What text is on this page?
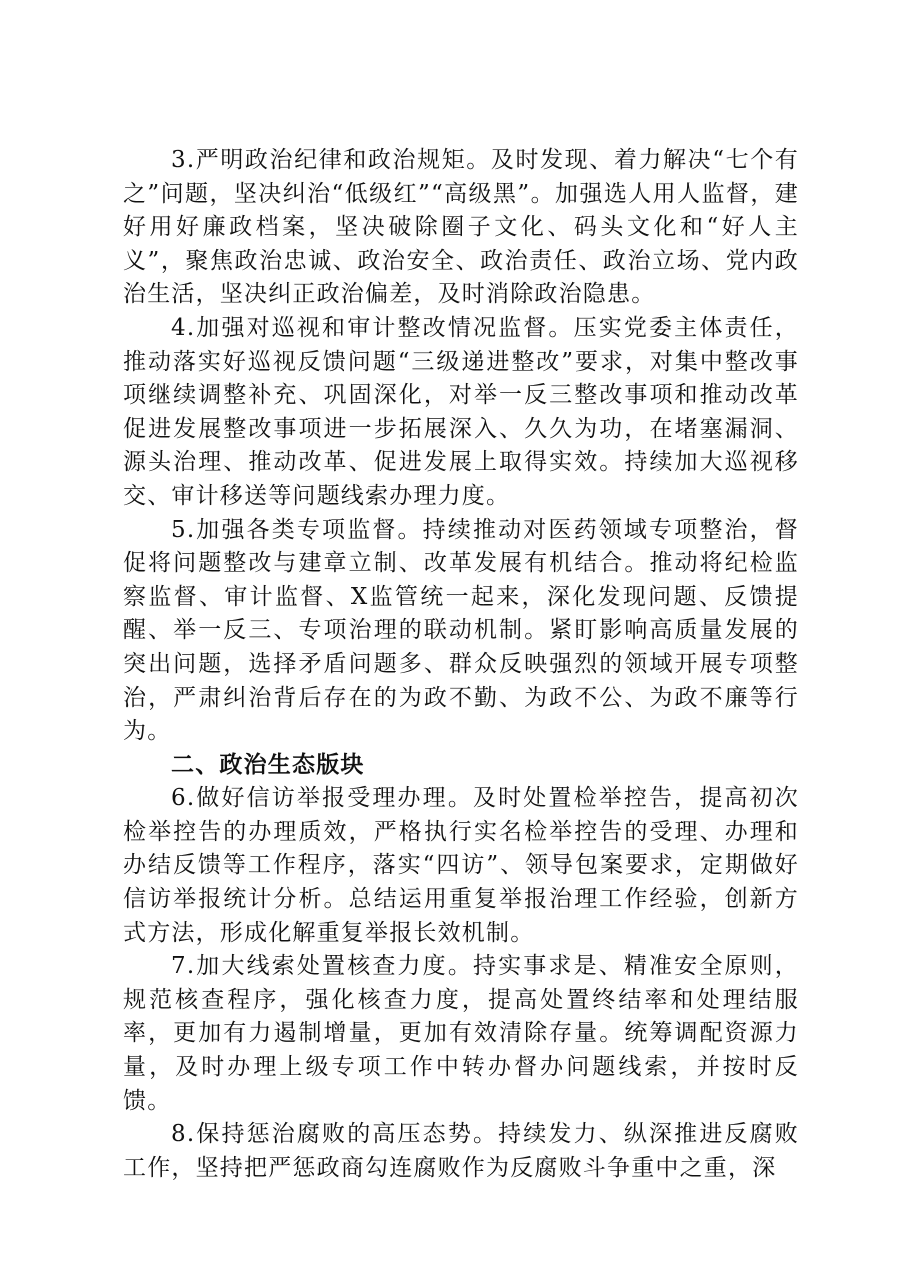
3.严明政治纪律和政治规矩。及时发现、着力解决“七个有之”问题，坚决纠治“低级红”“高级黑”。加强选人用人监督，建好用好廉政档案，坚决破除圈子文化、码头文化和“好人主义”，聚焦政治忠诚、政治安全、政治责任、政治立场、党内政治生活，坚决纠正政治偏差，及时消除政治隐患。

4.加强对巡视和审计整改情况监督。压实党委主体责任，推动落实好巡视反馈问题“三级递进整改”要求，对集中整改事项继续调整补充、巩固深化，对举一反三整改事项和推动改革促进发展整改事项进一步拓展深入、久久为功，在堵塞漏洞、源头治理、推动改革、促进发展上取得实效。持续加大巡视移交、审计移送等问题线索办理力度。

5.加强各类专项监督。持续推动对医药领域专项整治，督促将问题整改与建章立制、改革发展有机结合。推动将纪检监察监督、审计监督、X监管统一起来，深化发现问题、反馈提醒、举一反三、专项治理的联动机制。紧盯影响高质量发展的突出问题，选择矛盾问题多、群众反映强烈的领域开展专项整治，严肃纠治背后存在的为政不勤、为政不公、为政不廉等行为。

二、政治生态版块

6.做好信访举报受理办理。及时处置检举控告，提高初次检举控告的办理质效，严格执行实名检举控告的受理、办理和办结反馈等工作程序，落实“四访”、领导包案要求，定期做好信访举报统计分析。总结运用重复举报治理工作经验，创新方式方法，形成化解重复举报长效机制。

7.加大线索处置核查力度。持实事求是、精准安全原则，规范核查程序，强化核查力度，提高处置终结率和处理结服率，更加有力遏制增量，更加有效清除存量。统筹调配资源力量，及时办理上级专项工作中转办督办问题线索，并按时反馈。

8.保持惩治腐败的高压态势。持续发力、纵深推进反腐败工作，坚持把严惩政商勾连腐败作为反腐败斗争重中之重，深
